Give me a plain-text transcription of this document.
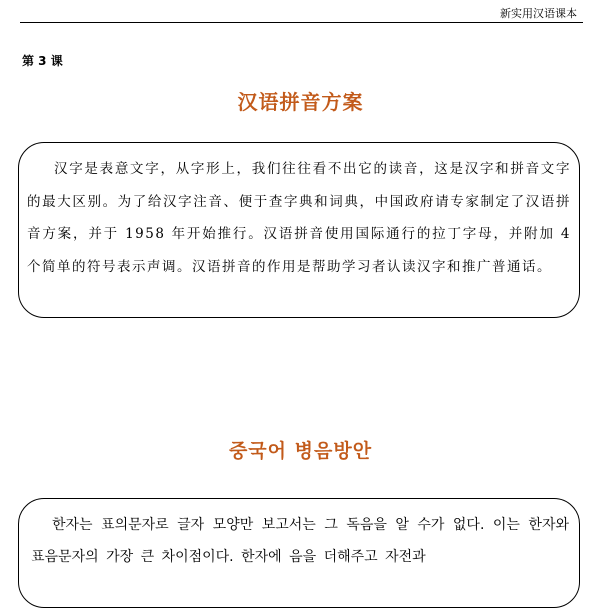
新实用汉语课本
第 3 课
汉语拼音方案

汉字是表意文字，从字形上，我们往往看不出它的读音，这是汉字和拼音文字的最大区别。为了给汉字注音、便于查字典和词典，中国政府请专家制定了汉语拼音方案，并于 1958 年开始推行。汉语拼音使用国际通行的拉丁字母，并附加 4 个简单的符号表示声调。汉语拼音的作用是帮助学习者认读汉字和推广普通话。

중국어 병음방안

한자는 표의문자로 글자 모양만 보고서는 그 독음을 알 수가 없다. 이는 한자와 표음문자의 가장 큰 차이점이다. 한자에 음을 더해주고 자전과
